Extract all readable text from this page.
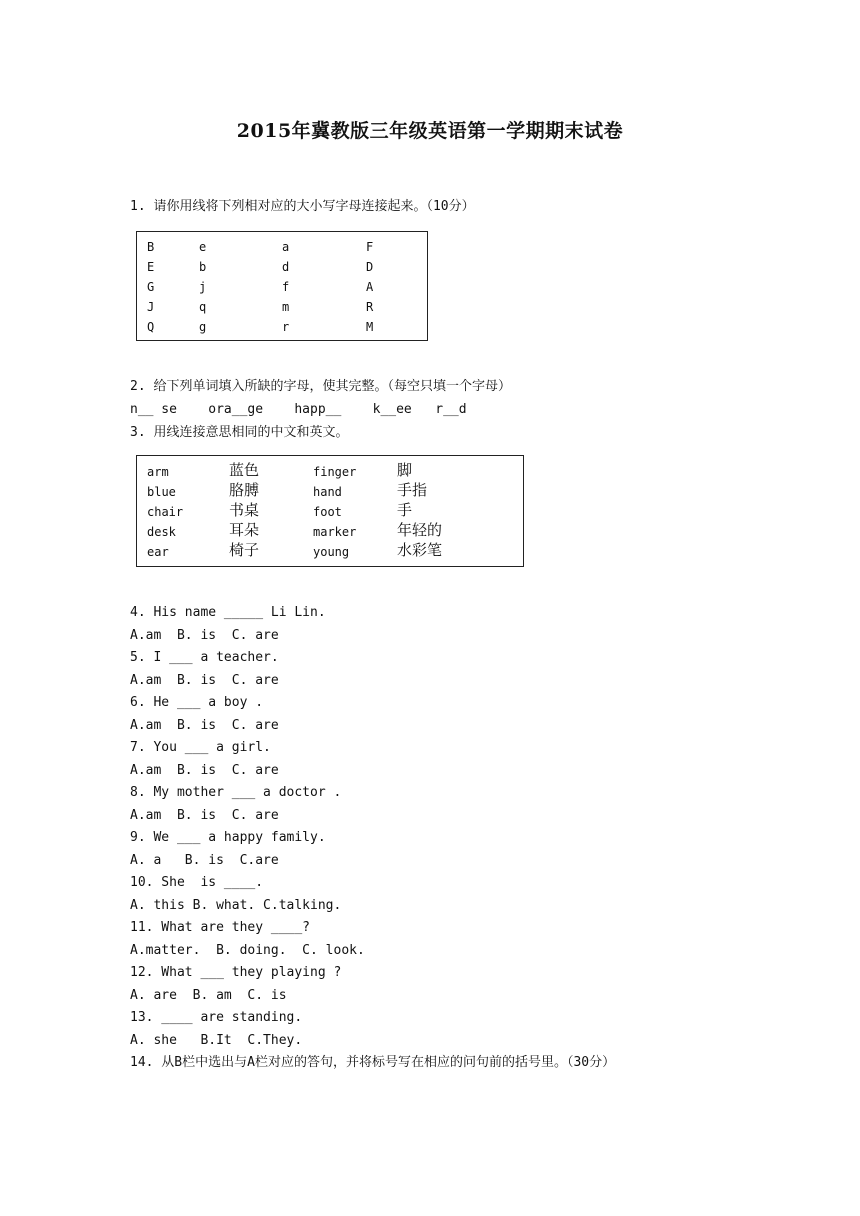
2015年冀教版三年级英语第一学期期末试卷
1. 请你用线将下列相对应的大小写字母连接起来。（10分）
B	e	a	F
E	b	d	D
G	j	f	A
J	q	m	R
Q	g	r	M
2. 给下列单词填入所缺的字母，使其完整。（每空只填一个字母）
n__ se    ora__ge    happ__    k__ee   r__d
3. 用线连接意思相同的中文和英文。
arm	蓝色	finger	脚
blue	胳膊	hand	手指
chair	书桌	foot	手
desk	耳朵	marker	年轻的
ear	椅子	young	水彩笔
4. His name _____ Li Lin.
A.am  B. is  C. are
5. I ___ a teacher.
A.am  B. is  C. are
6. He ___ a boy .
A.am  B. is  C. are
7. You ___ a girl.
A.am  B. is  C. are
8. My mother ___ a doctor .
A.am  B. is  C. are
9. We ___ a happy family.
A. a   B. is  C.are
10. She  is ____.
A. this B. what. C.talking.
11. What are they ____?
A.matter.  B. doing.  C. look.
12. What ___ they playing ?
A. are  B. am  C. is
13. ____ are standing.
A. she   B.It  C.They.
14. 从B栏中选出与A栏对应的答句，并将标号写在相应的问句前的括号里。（30分）
